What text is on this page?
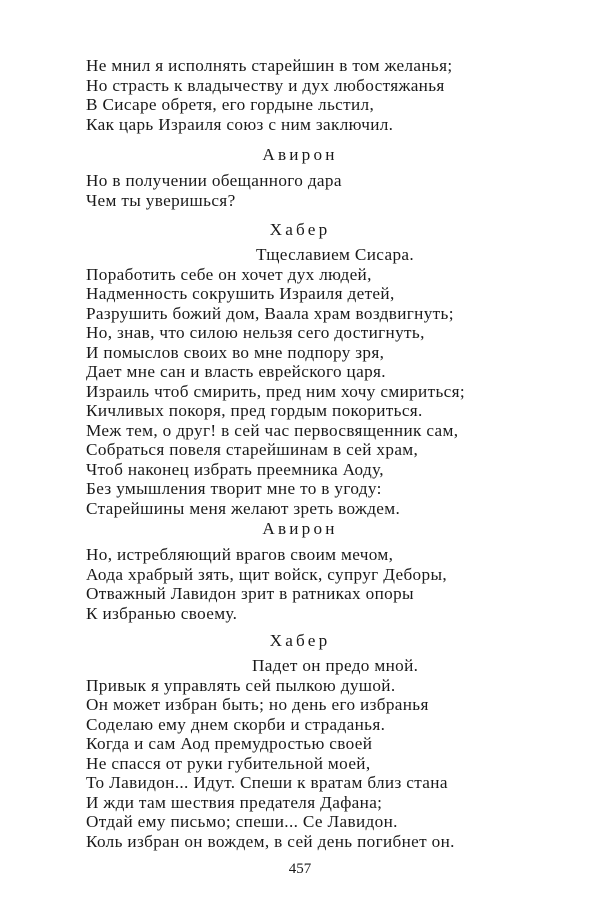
Не мнил я исполнять старейшин в том желанья;
Но страсть к владычеству и дух любостяжанья
В Сисаре обретя, его гордыне льстил,
Как царь Израиля союз с ним заключил.
Авирон
Но в получении обещанного дара
Чем ты уверишься?
Хабер
Тщеславием Сисара.
Поработить себе он хочет дух людей,
Надменность сокрушить Израиля детей,
Разрушить божий дом, Ваала храм воздвигнуть;
Но, знав, что силою нельзя сего достигнуть,
И помыслов своих во мне подпору зря,
Дает мне сан и власть еврейского царя.
Израиль чтоб смирить, пред ним хочу смириться;
Кичливых покоря, пред гордым покориться.
Меж тем, о друг! в сей час первосвященник сам,
Собраться повеля старейшинам в сей храм,
Чтоб наконец избрать преемника Аоду,
Без умышления творит мне то в угоду:
Старейшины меня желают зреть вождем.
Авирон
Но, истребляющий врагов своим мечом,
Аода храбрый зять, щит войск, супруг Деборы,
Отважный Лавидон зрит в ратниках опоры
К избранью своему.
Хабер
Падет он предо мной.
Привык я управлять сей пылкою душой.
Он может избран быть; но день его избранья
Соделаю ему днем скорби и страданья.
Когда и сам Аод премудростью своей
Не спасся от руки губительной моей,
То Лавидон... Идут. Спеши к вратам близ стана
И жди там шествия предателя Дафана;
Отдай ему письмо; спеши... Се Лавидон.
Коль избран он вождем, в сей день погибнет он.
457
